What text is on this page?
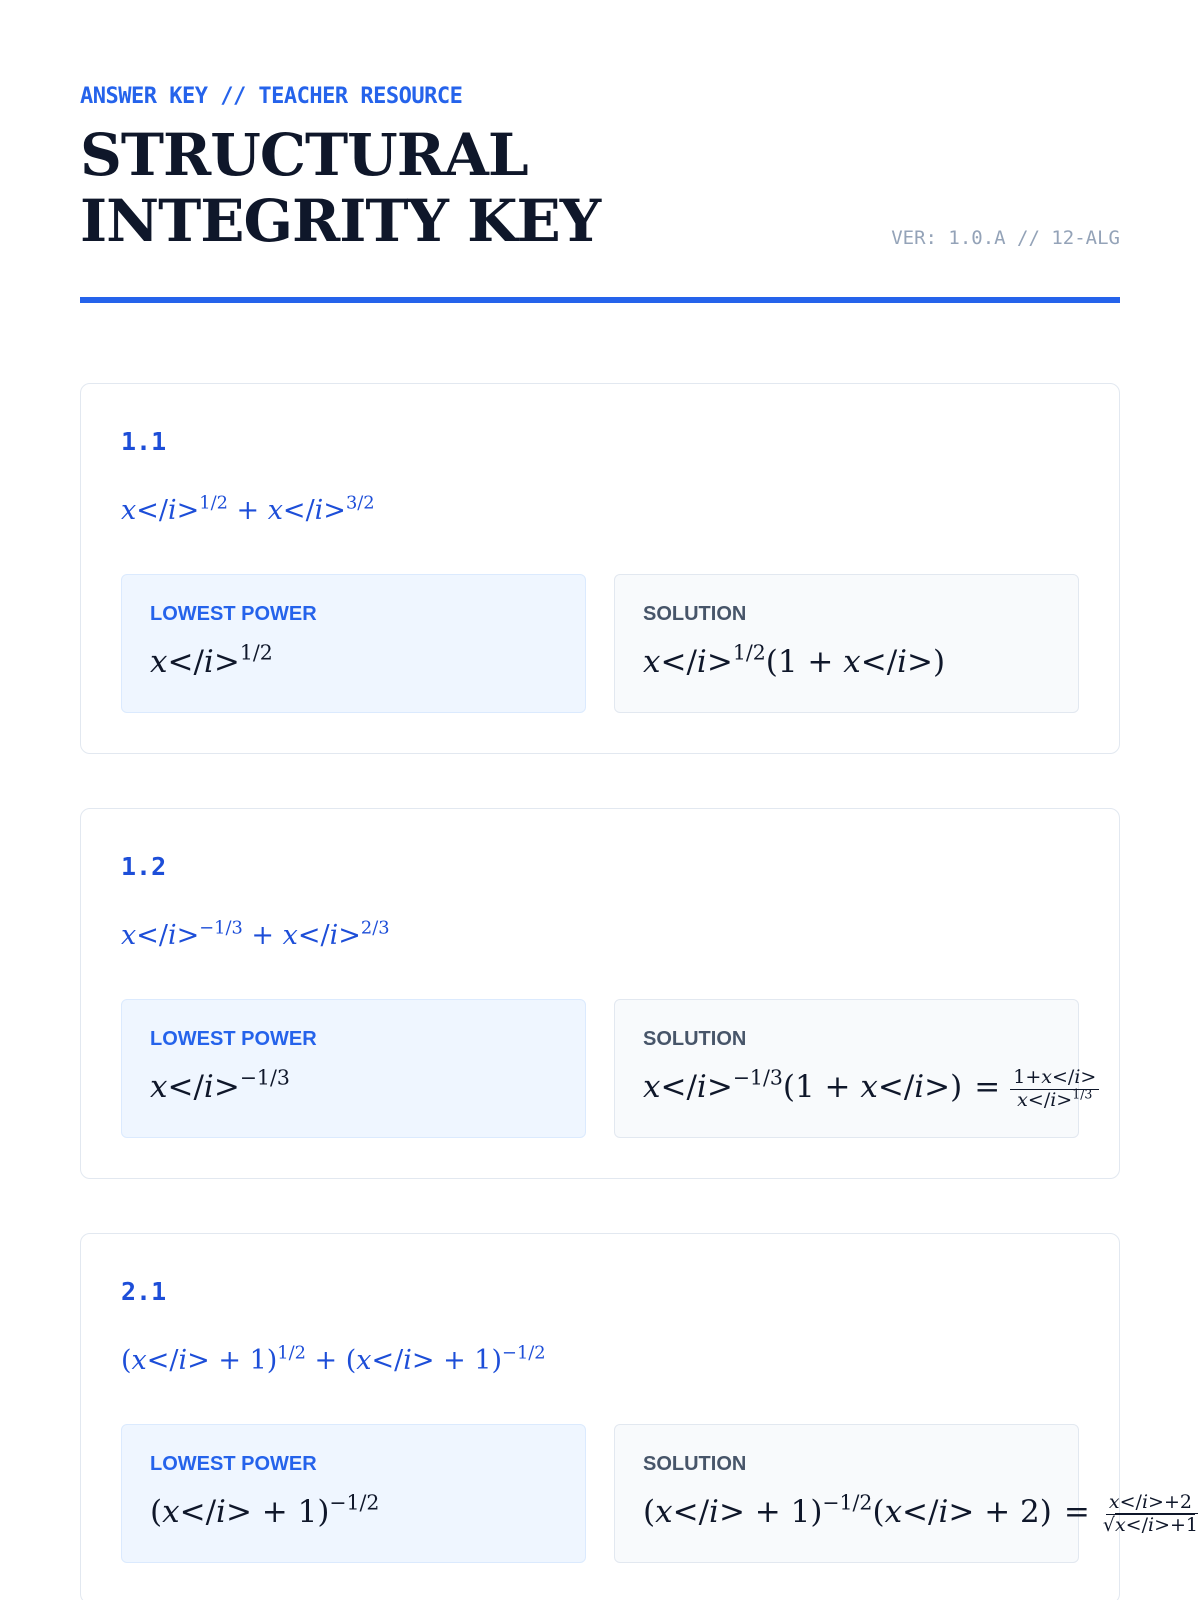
ANSWER KEY // TEACHER RESOURCE

STRUCTURAL INTEGRITY KEY	VER: 1.0.A // 12-ALG

1.1

x</i>$^{1/2}$ + x</i>$^{3/2}$

LOWEST POWER

x</i>$^{1/2}$

SOLUTION

x</i>$^{1/2}$(1 + x</i>)

1.2

x</i>$^{-1/3}$ + x</i>$^{2/3}$

LOWEST POWER

x</i>$^{-1/3}$

SOLUTION

$x</i>^{-1/3}(1 + x</i>) = \frac{1+x</i>}{x</i>^{1/3}}$

2.1

(x</i> + 1)$^{1/2}$ + (x</i> + 1)$^{-1/2}$

LOWEST POWER

( x</i> + 1)$^{-1/2}$

SOLUTION

$(x</i> + 1)^{-1/2}(x</i> + 2) = \frac{x</i>+2}{√x</i>+1}$
